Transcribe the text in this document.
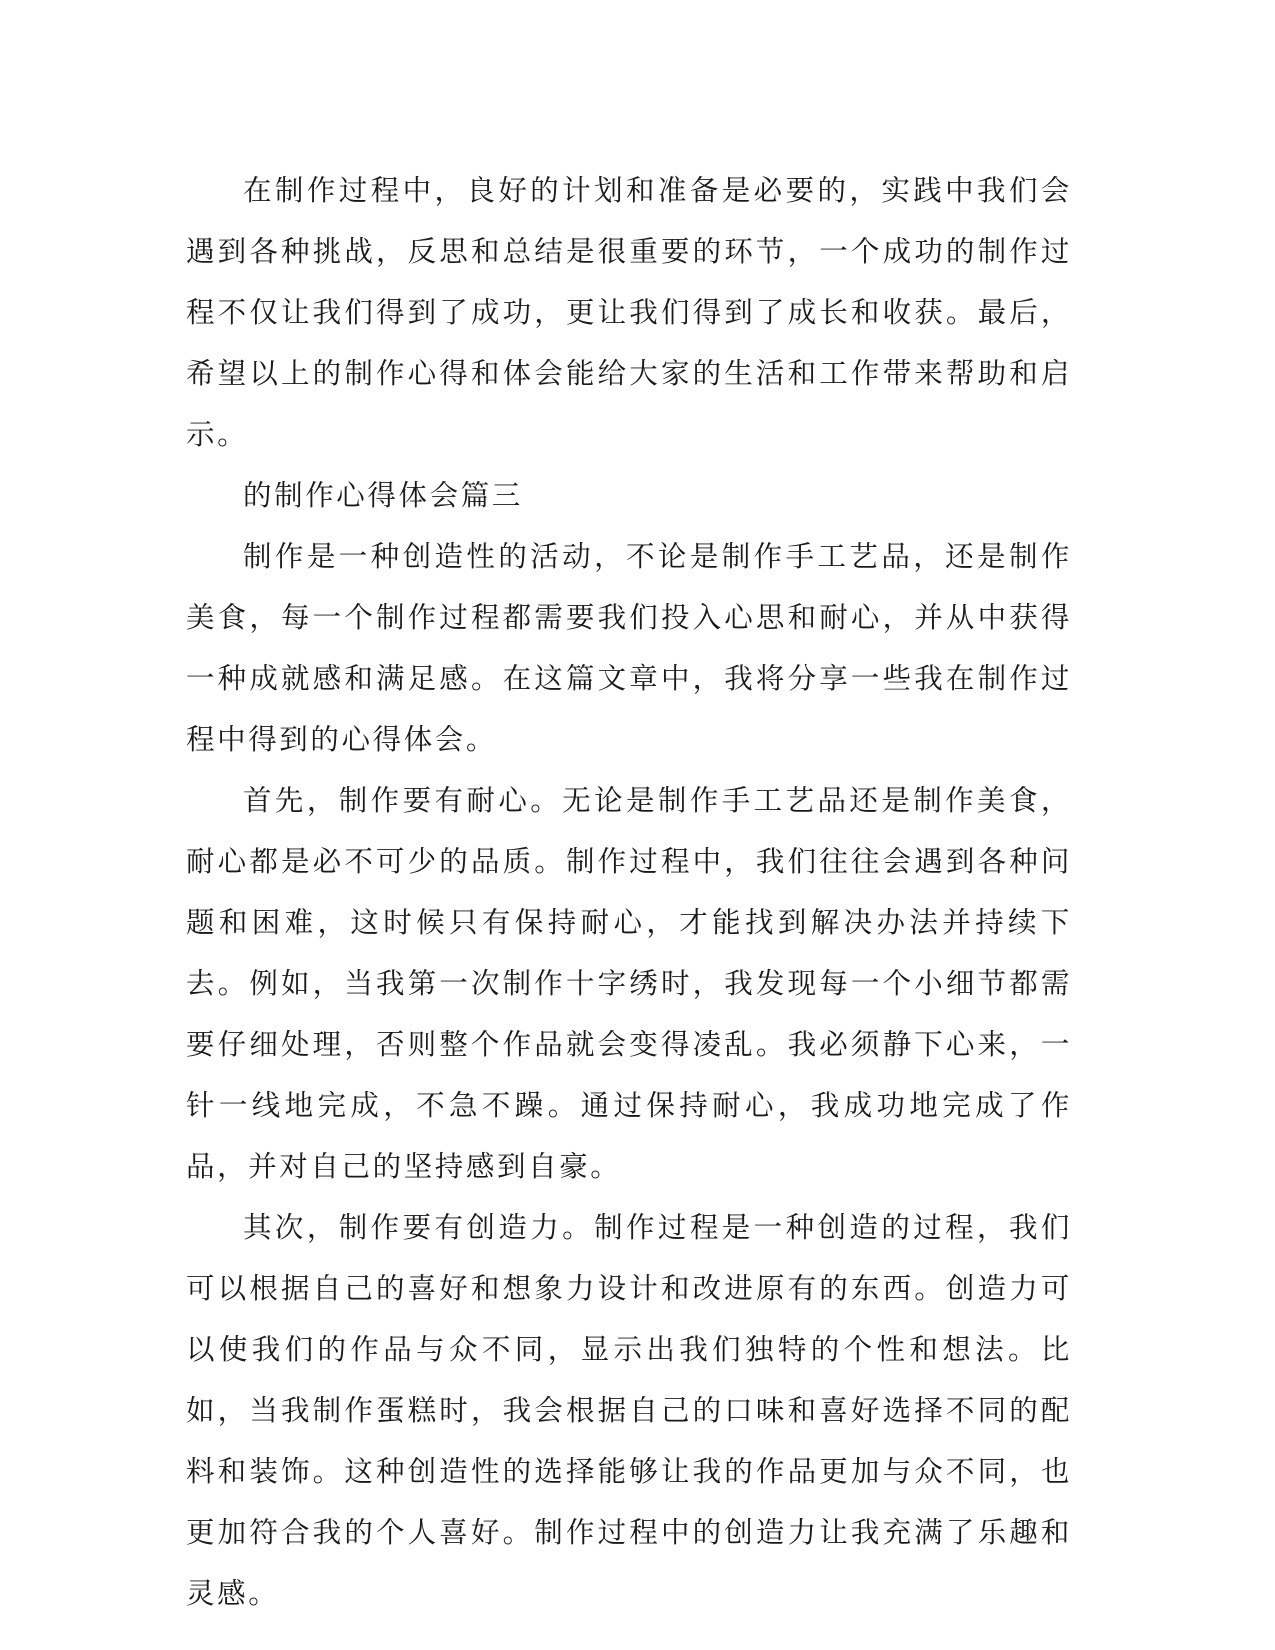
在制作过程中，良好的计划和准备是必要的，实践中我们会遇到各种挑战，反思和总结是很重要的环节，一个成功的制作过程不仅让我们得到了成功，更让我们得到了成长和收获。最后，希望以上的制作心得和体会能给大家的生活和工作带来帮助和启示。

的制作心得体会篇三

制作是一种创造性的活动，不论是制作手工艺品，还是制作美食，每一个制作过程都需要我们投入心思和耐心，并从中获得一种成就感和满足感。在这篇文章中，我将分享一些我在制作过程中得到的心得体会。

首先，制作要有耐心。无论是制作手工艺品还是制作美食，耐心都是必不可少的品质。制作过程中，我们往往会遇到各种问题和困难，这时候只有保持耐心，才能找到解决办法并持续下去。例如，当我第一次制作十字绣时，我发现每一个小细节都需要仔细处理，否则整个作品就会变得凌乱。我必须静下心来，一针一线地完成，不急不躁。通过保持耐心，我成功地完成了作品，并对自己的坚持感到自豪。

其次，制作要有创造力。制作过程是一种创造的过程，我们可以根据自己的喜好和想象力设计和改进原有的东西。创造力可以使我们的作品与众不同，显示出我们独特的个性和想法。比如，当我制作蛋糕时，我会根据自己的口味和喜好选择不同的配料和装饰。这种创造性的选择能够让我的作品更加与众不同，也更加符合我的个人喜好。制作过程中的创造力让我充满了乐趣和灵感。
